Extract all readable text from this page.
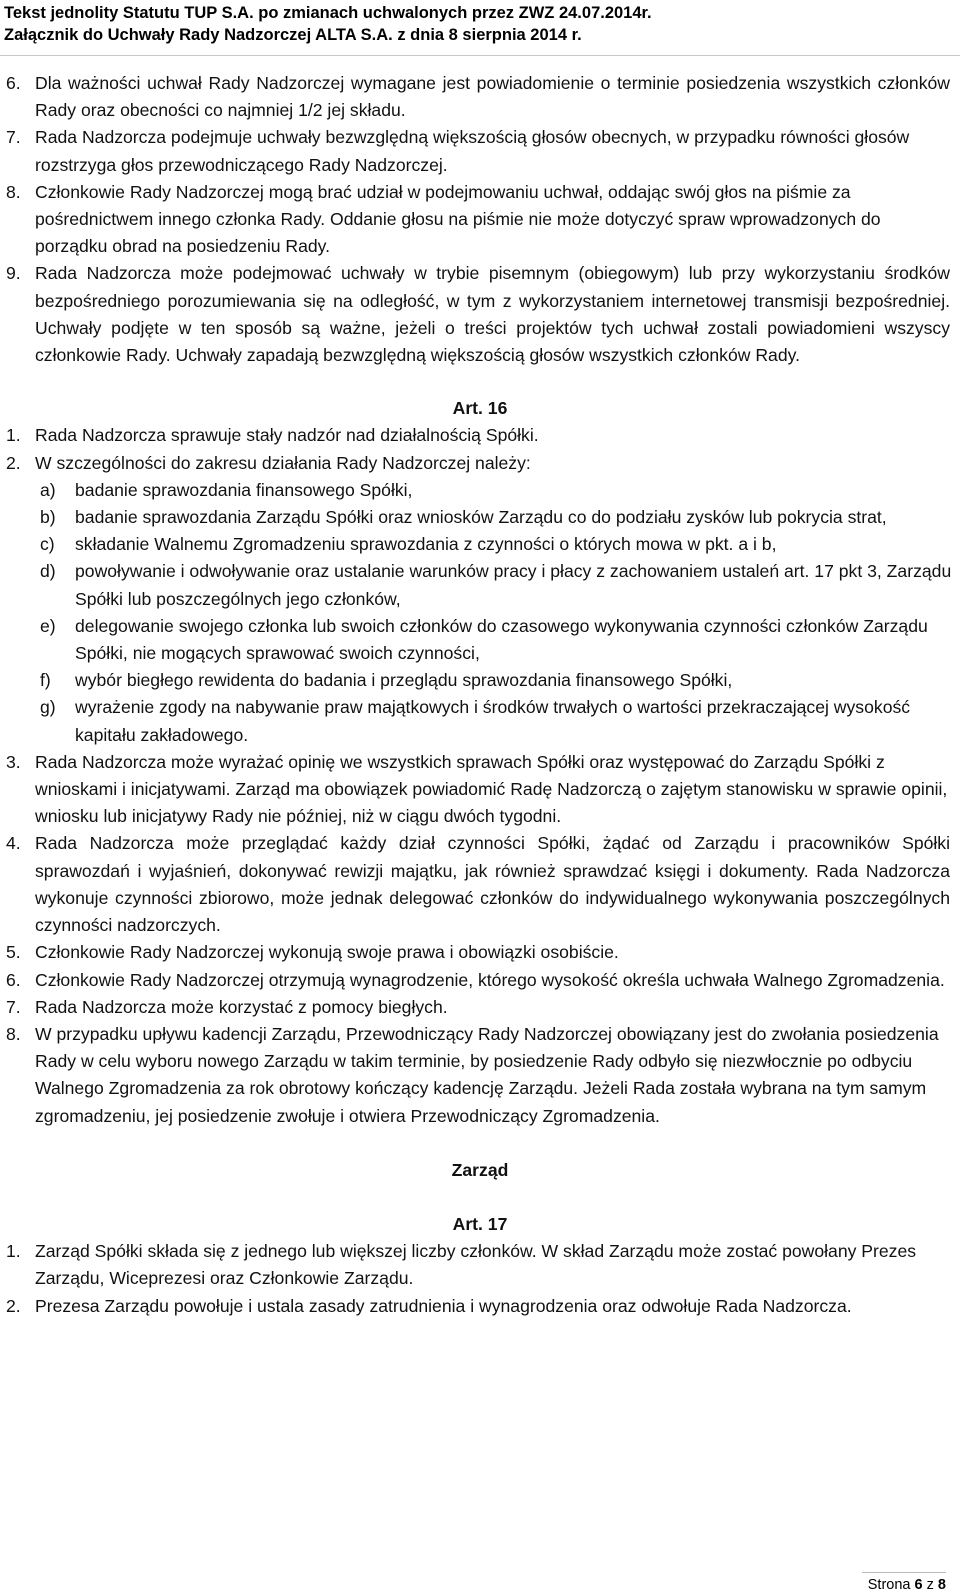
Tekst jednolity Statutu TUP S.A. po zmianach uchwalonych przez ZWZ 24.07.2014r.
Załącznik do Uchwały Rady Nadzorczej ALTA S.A. z dnia 8 sierpnia 2014 r.
6. Dla ważności uchwał Rady Nadzorczej wymagane jest powiadomienie o terminie posiedzenia wszystkich członków Rady oraz obecności co najmniej 1/2 jej składu.
7. Rada Nadzorcza podejmuje uchwały bezwzględną większością głosów obecnych, w przypadku równości głosów rozstrzyga głos przewodniczącego Rady Nadzorczej.
8. Członkowie Rady Nadzorczej mogą brać udział w podejmowaniu uchwał, oddając swój głos na piśmie za pośrednictwem innego członka Rady. Oddanie głosu na piśmie nie może dotyczyć spraw wprowadzonych do porządku obrad na posiedzeniu Rady.
9. Rada Nadzorcza może podejmować uchwały w trybie pisemnym (obiegowym) lub przy wykorzystaniu środków bezpośredniego porozumiewania się na odległość, w tym z wykorzystaniem internetowej transmisji bezpośredniej. Uchwały podjęte w ten sposób są ważne, jeżeli o treści projektów tych uchwał zostali powiadomieni wszyscy członkowie Rady. Uchwały zapadają bezwzględną większością głosów wszystkich członków Rady.
Art. 16
1. Rada Nadzorcza sprawuje stały nadzór nad działalnością Spółki.
2. W szczególności do zakresu działania Rady Nadzorczej należy:
a)	badanie sprawozdania finansowego Spółki,
b)	badanie sprawozdania Zarządu Spółki oraz wniosków Zarządu co do podziału zysków lub pokrycia strat,
c)	składanie Walnemu Zgromadzeniu sprawozdania z czynności o których mowa w pkt. a i b,
d)	powoływanie i odwoływanie oraz ustalanie warunków pracy i płacy z zachowaniem ustaleń art. 17 pkt 3, Zarządu Spółki lub poszczególnych jego członków,
e)	delegowanie swojego członka lub swoich członków do czasowego wykonywania czynności członków Zarządu Spółki, nie mogących sprawować swoich czynności,
f)	wybór biegłego rewidenta do badania i przeglądu sprawozdania finansowego Spółki,
g)	wyrażenie zgody na nabywanie praw majątkowych i środków trwałych o wartości przekraczającej wysokość kapitału zakładowego.
3. Rada Nadzorcza może wyrażać opinię we wszystkich sprawach Spółki oraz występować do Zarządu Spółki z wnioskami i inicjatywami. Zarząd ma obowiązek powiadomić Radę Nadzorczą o zajętym stanowisku w sprawie opinii, wniosku lub inicjatywy Rady nie później, niż w ciągu dwóch tygodni.
4. Rada Nadzorcza może przeglądać każdy dział czynności Spółki, żądać od Zarządu i pracowników Spółki sprawozdań i wyjaśnień, dokonywać rewizji majątku, jak również sprawdzać księgi i dokumenty. Rada Nadzorcza wykonuje czynności zbiorowo, może jednak delegować członków do indywidualnego wykonywania poszczególnych czynności nadzorczych.
5. Członkowie Rady Nadzorczej wykonują swoje prawa i obowiązki osobiście.
6. Członkowie Rady Nadzorczej otrzymują wynagrodzenie, którego wysokość określa uchwała Walnego Zgromadzenia.
7. Rada Nadzorcza może korzystać z pomocy biegłych.
8. W przypadku upływu kadencji Zarządu, Przewodniczący Rady Nadzorczej obowiązany jest do zwołania posiedzenia Rady w celu wyboru nowego Zarządu w takim terminie, by posiedzenie Rady odbyło się niezwłocznie po odbyciu Walnego Zgromadzenia za rok obrotowy kończący kadencję Zarządu. Jeżeli Rada została wybrana na tym samym zgromadzeniu, jej posiedzenie zwołuje i otwiera Przewodniczący Zgromadzenia.
Zarząd
Art. 17
1. Zarząd Spółki składa się z jednego lub większej liczby członków. W skład Zarządu może zostać powołany Prezes Zarządu, Wiceprezesi oraz Członkowie Zarządu.
2. Prezesa Zarządu powołuje i ustala zasady zatrudnienia i wynagrodzenia oraz odwołuje Rada Nadzorcza.
Strona 6 z 8
